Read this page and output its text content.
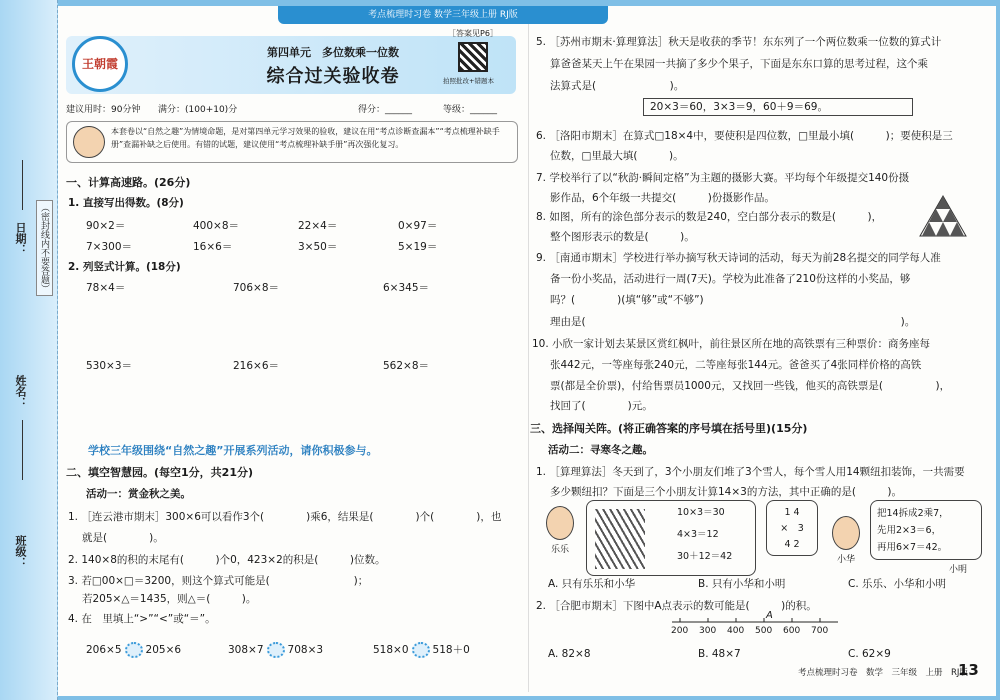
日期：
姓名：
班级：
（密封线内不要答题）
考点梳理时习卷 数学三年级上册 RJ版
王朝霞
第四单元　多位数乘一位数
综合过关验收卷
［答案见P6］
拍照批改+错题本
建议用时：90分钟 满分：(100+10)分	得分：______	等级：______
本套卷以“自然之趣”为情境命题，是对第四单元学习效果的验收，建议在用“考点诊断查漏本”“考点梳理补缺手册”查漏补缺之后使用。有错的试题，建议使用“考点梳理补缺手册”再次强化复习。
一、计算高速路。(26分)
1. 直接写出得数。(8分)
90×2＝	400×8＝	22×4＝	0×97＝
7×300＝	16×6＝	3×50＝	5×19＝
2. 列竖式计算。(18分)
78×4＝	706×8＝	6×345＝
530×3＝	216×6＝	562×8＝
学校三年级围绕“自然之趣”开展系列活动，请你积极参与。
二、填空智慧园。(每空1分，共21分)
活动一：赏金秋之美。
1. ［连云港市期末］300×6可以看作3个(　　　　)乘6，结果是(　　　　)个(　　　　)，也
就是(　　　　)。
2. 140×8的积的末尾有(　　　)个0，423×2的积是(　　　)位数。
3. 若□00×□＝3200，则这个算式可能是(　　　　　　　　)；
若205×△＝1435，则△＝(　　　)。
4. 在　里填上“>”“<”或“＝”。
206×5 205×6	308×7 708×3	518×0 518＋0
5. ［苏州市期末·算理算法］秋天是收获的季节！东东列了一个两位数乘一位数的算式计
算爸爸某天上午在果园一共摘了多少个果子，下面是东东口算的思考过程，这个乘
法算式是(　　　　　　　)。
20×3＝60，3×3＝9，60＋9＝69。
6. ［洛阳市期末］在算式□18×4中，要使积是四位数，□里最小填(　　　)；要使积是三
位数，□里最大填(　　　)。
7. 学校举行了以“秋韵·瞬间定格”为主题的摄影大赛。平均每个年级提交140份摄
影作品，6个年级一共提交(　　　)份摄影作品。
8. 如图，所有的涂色部分表示的数是240，空白部分表示的数是(　　　)，
整个图形表示的数是(　　　)。
9. ［南通市期末］学校进行举办摘写秋天诗词的活动，每天为前28名提交的同学每人准
备一份小奖品，活动进行一周(7天)。学校为此准备了210份这样的小奖品，够
吗？(　　　　)(填“够”或“不够”)
理由是(　　　　　　　　　　　　　　　　　　　　　　　　　　　　　　)。
10. 小欣一家计划去某景区赏红枫叶，前往景区所在地的高铁票有三种票价：商务座每
张442元，一等座每张240元，二等座每张144元。爸爸买了4张同样价格的高铁
票(都是全价票)，付给售票员1000元，又找回一些钱，他买的高铁票是(　　　　　)，
找回了(　　　　)元。
三、选择闯关阵。(将正确答案的序号填在括号里)(15分)
活动二：寻寒冬之趣。
1. ［算理算法］冬天到了，3个小朋友们堆了3个雪人，每个雪人用14颗纽扣装饰，一共需要
多少颗纽扣？下面是三个小朋友计算14×3的方法，其中正确的是(　　　)。
乐乐
10×3＝30
4×3＝12
30＋12＝42
1 4
×　3
4 2
小华
把14拆成2乘7，
先用2×3＝6，
再用6×7＝42。
小明
A. 只有乐乐和小华	B. 只有小华和小明	C. 乐乐、小华和小明
2. ［合肥市期末］下图中A点表示的数可能是(　　　)的积。
A
200 300 400 500 600 700
A. 82×8	B. 48×7	C. 62×9
考点梳理时习卷　数学　三年级　上册　RJ版
13
